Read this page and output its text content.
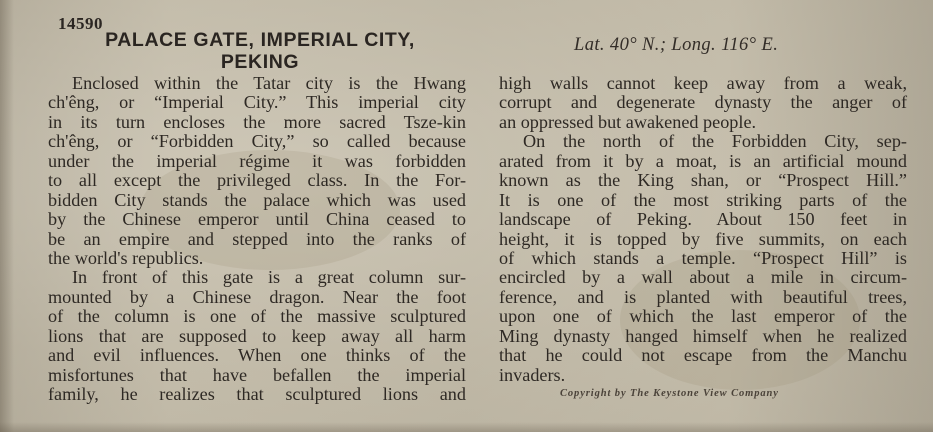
14590
PALACE GATE, IMPERIAL CITY,
PEKING
Lat. 40° N.; Long. 116° E.
Enclosed within the Tatar city is the Hwang
ch'êng, or “Imperial City.” This imperial city
in its turn encloses the more sacred Tsze-kin
ch'êng, or “Forbidden City,” so called because
under the imperial régime it was forbidden
to all except the privileged class. In the For-
bidden City stands the palace which was used
by the Chinese emperor until China ceased to
be an empire and stepped into the ranks of
the world's republics.
In front of this gate is a great column sur-
mounted by a Chinese dragon. Near the foot
of the column is one of the massive sculptured
lions that are supposed to keep away all harm
and evil influences. When one thinks of the
misfortunes that have befallen the imperial
family, he realizes that sculptured lions and
high walls cannot keep away from a weak,
corrupt and degenerate dynasty the anger of
an oppressed but awakened people.
On the north of the Forbidden City, sep-
arated from it by a moat, is an artificial mound
known as the King shan, or “Prospect Hill.”
It is one of the most striking parts of the
landscape of Peking. About 150 feet in
height, it is topped by five summits, on each
of which stands a temple. “Prospect Hill” is
encircled by a wall about a mile in circum-
ference, and is planted with beautiful trees,
upon one of which the last emperor of the
Ming dynasty hanged himself when he realized
that he could not escape from the Manchu
invaders.
Copyright by The Keystone View Company
